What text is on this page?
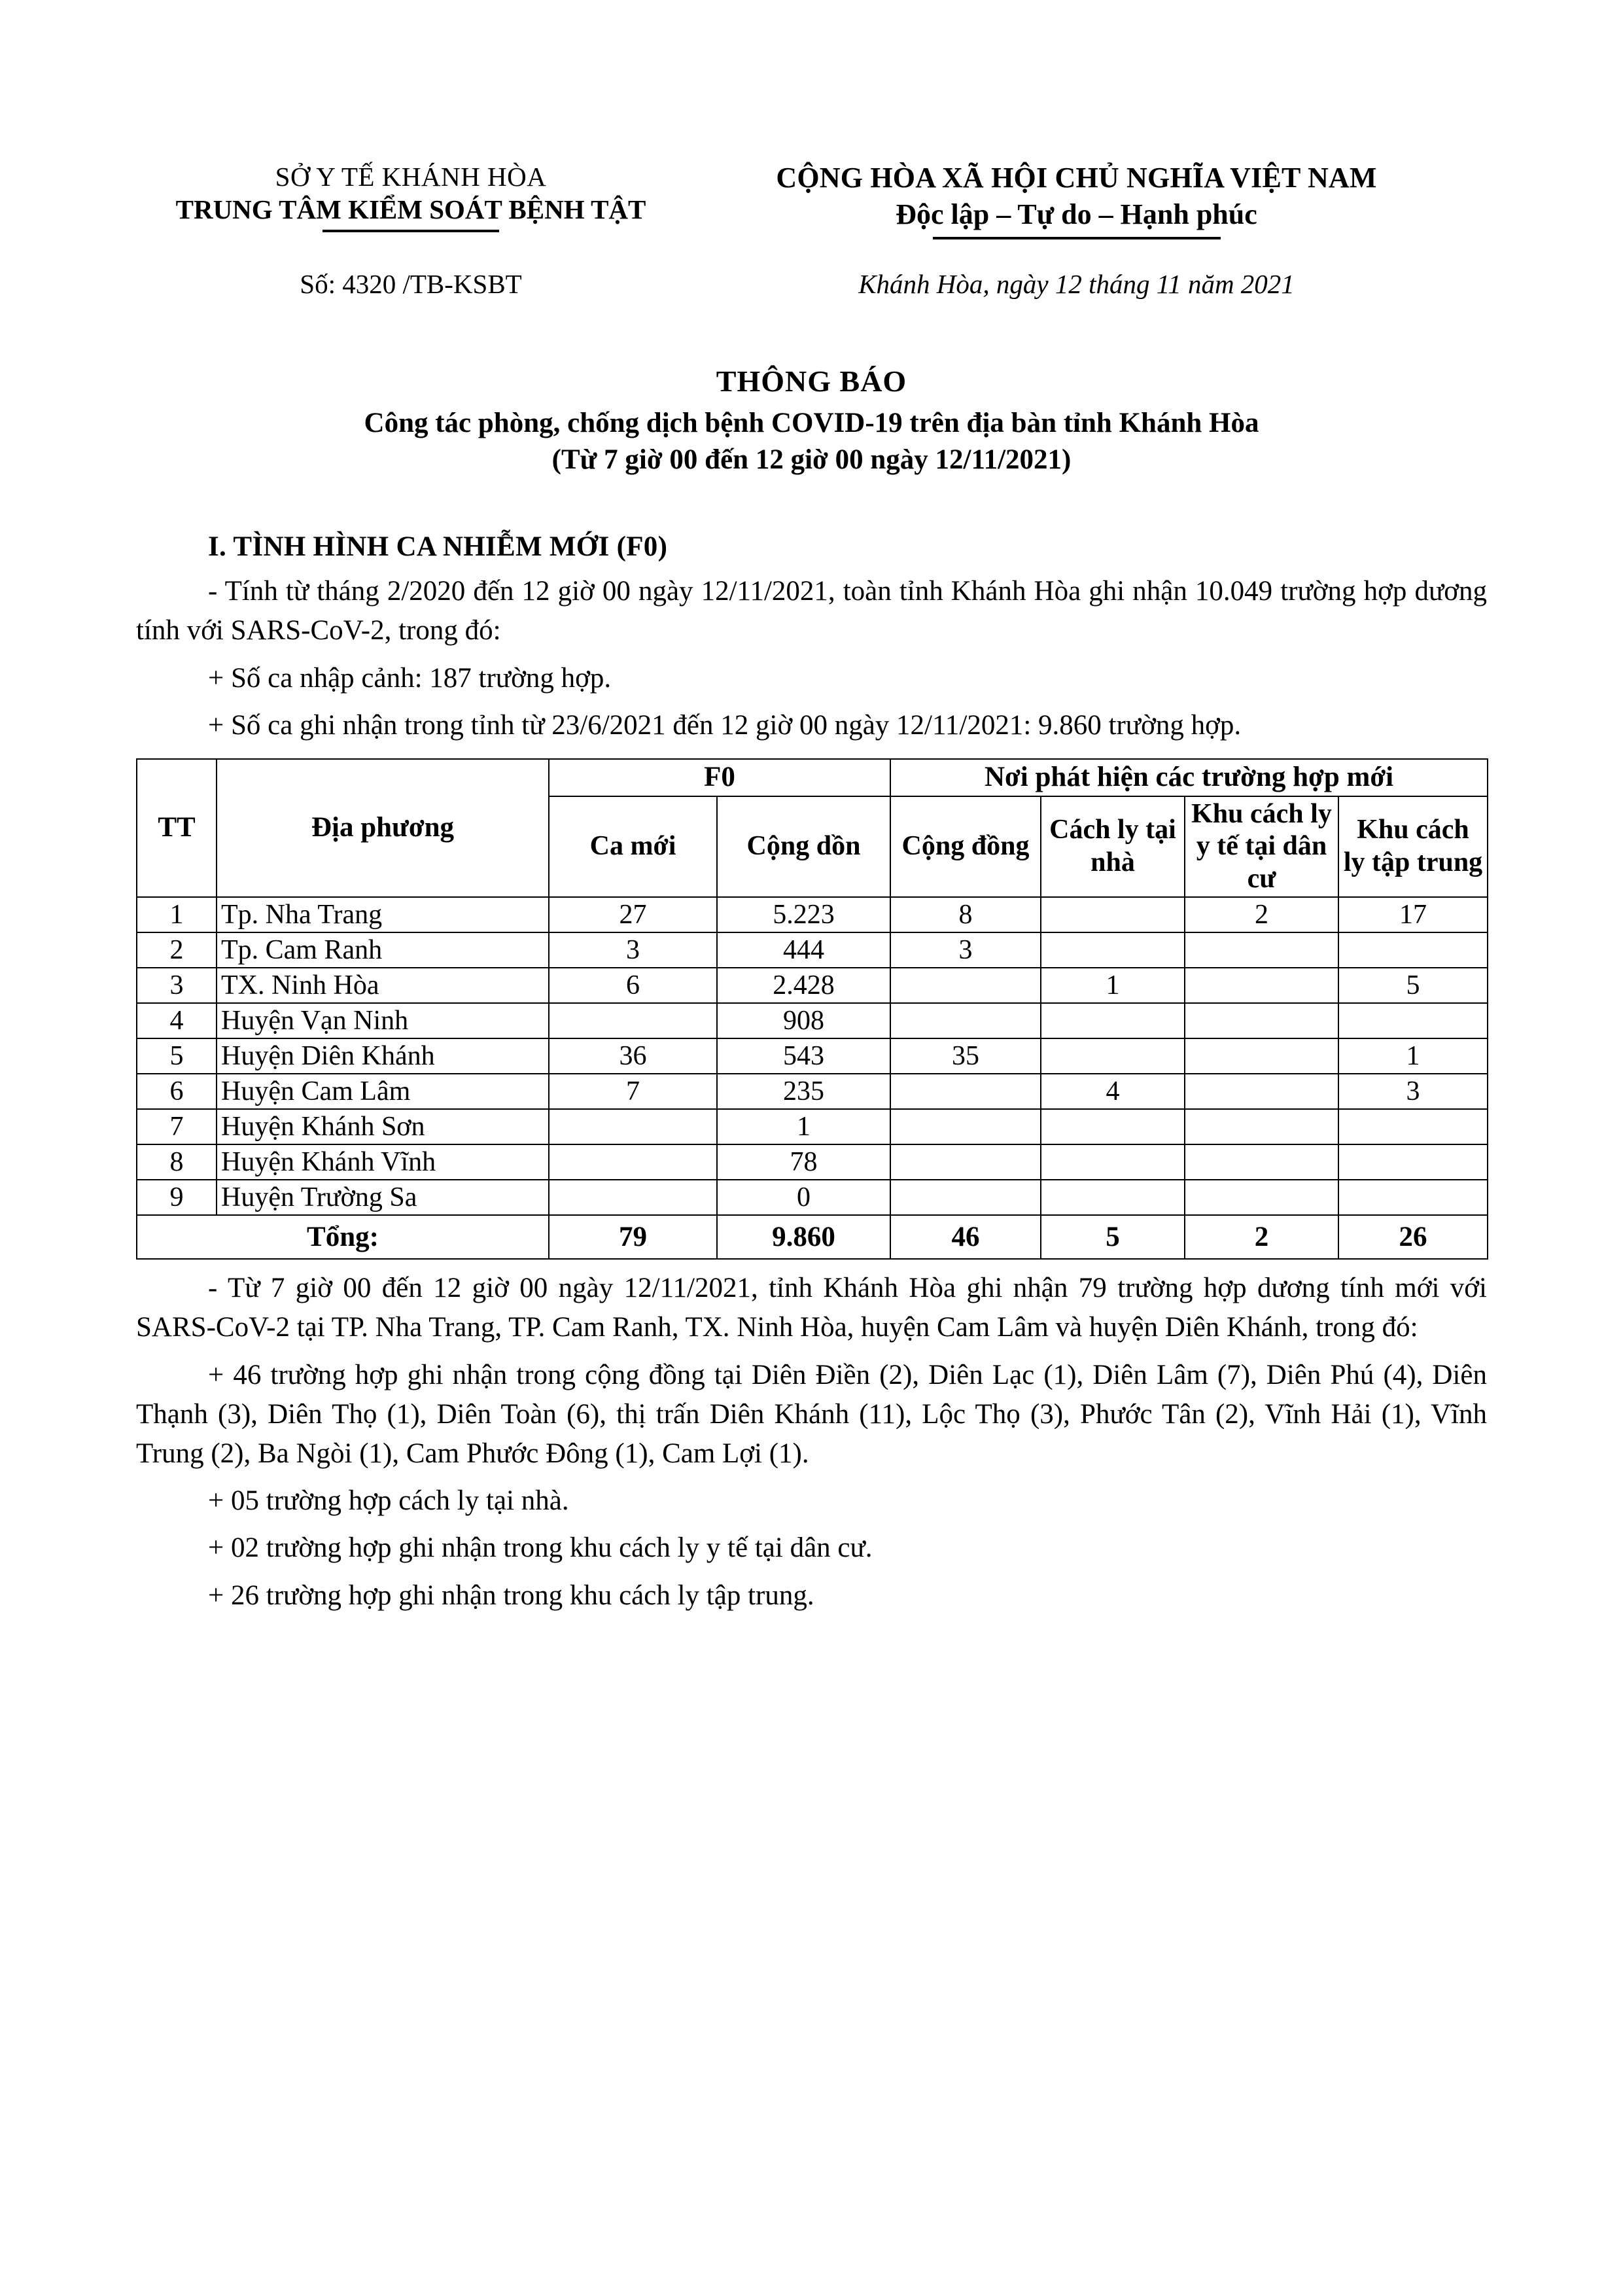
SỞ Y TẾ KHÁNH HÒA
TRUNG TÂM KIỂM SOÁT BỆNH TẬT
CỘNG HÒA XÃ HỘI CHỦ NGHĨA VIỆT NAM
Độc lập – Tự do – Hạnh phúc
Số: 4320 /TB-KSBT	Khánh Hòa, ngày 12 tháng 11 năm 2021
THÔNG BÁO
Công tác phòng, chống dịch bệnh COVID-19 trên địa bàn tỉnh Khánh Hòa
(Từ 7 giờ 00 đến 12 giờ 00 ngày 12/11/2021)
I. TÌNH HÌNH CA NHIỄM MỚI (F0)

- Tính từ tháng 2/2020 đến 12 giờ 00 ngày 12/11/2021, toàn tỉnh Khánh Hòa ghi nhận 10.049 trường hợp dương tính với SARS-CoV-2, trong đó:

+ Số ca nhập cảnh: 187 trường hợp.

+ Số ca ghi nhận trong tỉnh từ 23/6/2021 đến 12 giờ 00 ngày 12/11/2021: 9.860 trường hợp.

TT	Địa phương	F0		Nơi phát hiện các trường hợp mới			
		Ca mới	Cộng dồn	Cộng đồng	Cách ly tại nhà	Khu cách ly y tế tại dân cư	Khu cách ly tập trung
1	Tp. Nha Trang	27	5.223	8		2	17
2	Tp. Cam Ranh	3	444	3			
3	TX. Ninh Hòa	6	2.428		1		5
4	Huyện Vạn Ninh		908				
5	Huyện Diên Khánh	36	543	35			1
6	Huyện Cam Lâm	7	235		4		3
7	Huyện Khánh Sơn		1				
8	Huyện Khánh Vĩnh		78				
9	Huyện Trường Sa		0				
Tổng:		79	9.860	46	5	2	26

- Từ 7 giờ 00 đến 12 giờ 00 ngày 12/11/2021, tỉnh Khánh Hòa ghi nhận 79 trường hợp dương tính mới với SARS-CoV-2 tại TP. Nha Trang, TP. Cam Ranh, TX. Ninh Hòa, huyện Cam Lâm và huyện Diên Khánh, trong đó:

+ 46 trường hợp ghi nhận trong cộng đồng tại Diên Điền (2), Diên Lạc (1), Diên Lâm (7), Diên Phú (4), Diên Thạnh (3), Diên Thọ (1), Diên Toàn (6), thị trấn Diên Khánh (11), Lộc Thọ (3), Phước Tân (2), Vĩnh Hải (1), Vĩnh Trung (2), Ba Ngòi (1), Cam Phước Đông (1), Cam Lợi (1).

+ 05 trường hợp cách ly tại nhà.

+ 02 trường hợp ghi nhận trong khu cách ly y tế tại dân cư.

+ 26 trường hợp ghi nhận trong khu cách ly tập trung.
